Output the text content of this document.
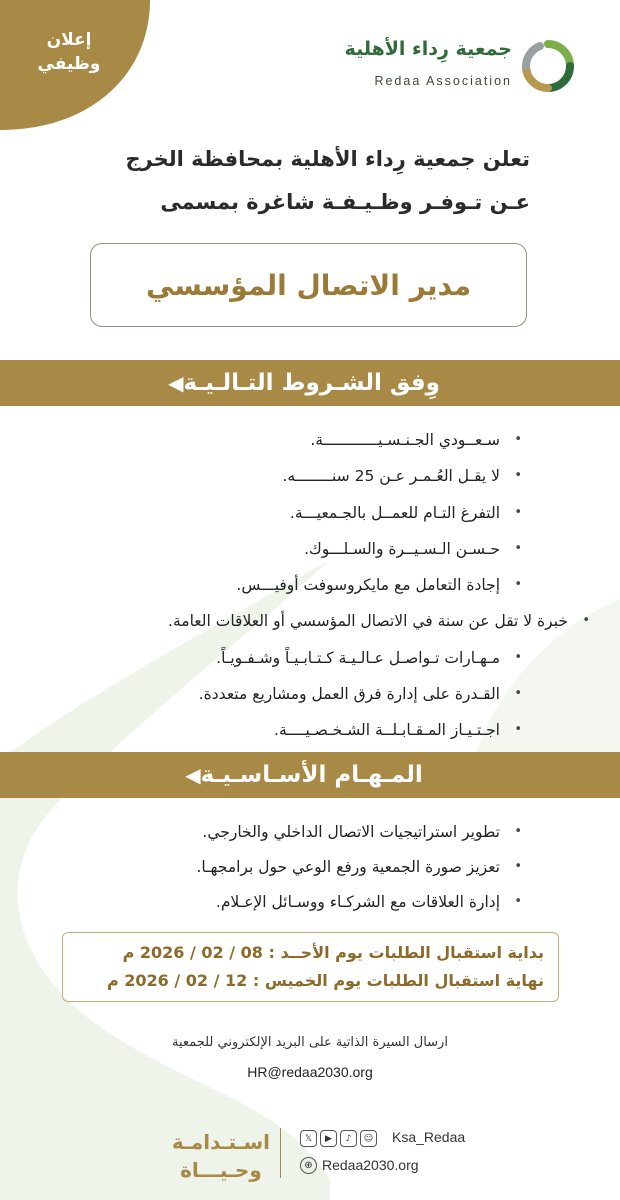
إعلان
وظيفي
جمعية رِداء الأهلية
Redaa Association
تعلن جمعية رِداء الأهلية بمحافظة الخرج
عـن تـوفـر وظـيـفـة شاغرة بمسمى
مدير الاتصال المؤسسي
وِفق الشـروط التـالـيـة
◀
سـعــودي الجـنـسـيــــــــــــة. •
لا يقـل العُـمـر عـن 25 سنــــــــه. •
التفرغ التـام للعمــل بالجـمعيـــة. •
حـسـن الـسـيــرة والسـلـــوك. •
إجادة التعامل مع مايكروسوفت أوفيـــس. •
خبرة لا تقل عن سنة في الاتصال المؤسسي أو العلاقات العامة. •
مـهـارات تـواصـل عـالـيـة كـتـابـيـاً وشـفـويـاً. •
القـدرة على إدارة فرق العمل ومشاريع متعددة. •
اجـتـيـاز المـقـابـلــة الشـخـصـيــــة. •
المـهـام الأسـاسـيـة
◀
تطوير استراتيجيات الاتصال الداخلي والخارجي. •
تعزيز صورة الجمعية ورفع الوعي حول برامجهـا. •
إدارة العلاقات مع الشركـاء ووسـائل الإعـلام. •
بداية استقبال الطلبات يوم الأحــد : 08 / 02 / 2026 م
نهاية استقبال الطلبات يوم الخميس : 12 / 02 / 2026 م
ارسال السيرة الذاتية على البريد الإلكتروني للجمعية
HR@redaa2030.org
اسـتـدامـة
وحـيـــاة
𝕏	▶	♪	☺ Ksa_Redaa
⊕ Redaa2030.org
